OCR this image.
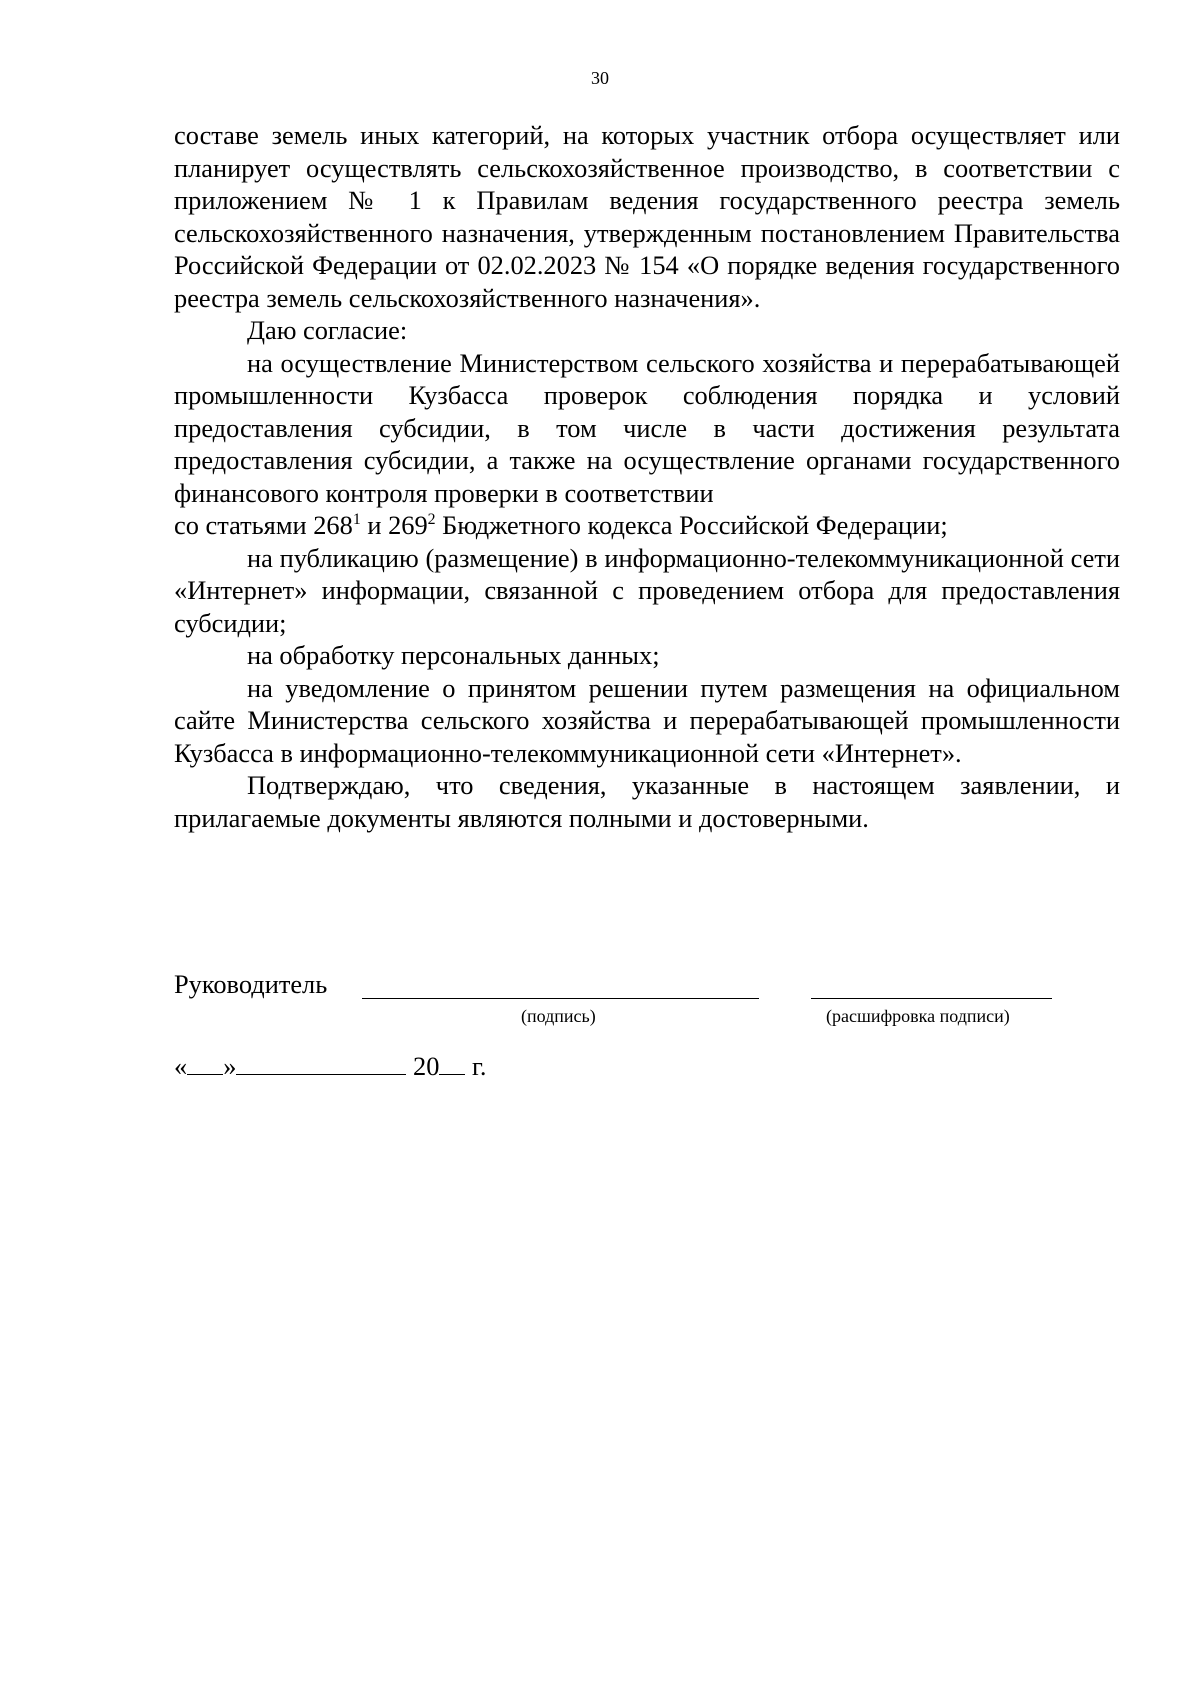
30

составе земель иных категорий, на которых участник отбора осуществляет или планирует осуществлять сельскохозяйственное производство, в соответствии с приложением № 1 к Правилам ведения государственного реестра земель сельскохозяйственного назначения, утвержденным постановлением Правительства Российской Федерации от 02.02.2023 № 154 «О порядке ведения государственного реестра земель сельскохозяйственного назначения».

Даю согласие:

на осуществление Министерством сельского хозяйства и перерабатывающей промышленности Кузбасса проверок соблюдения порядка и условий предоставления субсидии, в том числе в части достижения результата предоставления субсидии, а также на осуществление органами государственного финансового контроля проверки в соответствии

со статьями $268^1$ и $269^2$ Бюджетного кодекса Российской Федерации;

на публикацию (размещение) в информационно-телекоммуникационной сети «Интернет» информации, связанной с проведением отбора для предоставления субсидии;

на обработку персональных данных;

на уведомление о принятом решении путем размещения на официальном сайте Министерства сельского хозяйства и перерабатывающей промышленности Кузбасса в информационно-телекоммуникационной сети «Интернет».

Подтверждаю, что сведения, указанные в настоящем заявлении, и прилагаемые документы являются полными и достоверными.

Руководитель
(подпись)	(расшифровка подписи)
« »	20 г.
